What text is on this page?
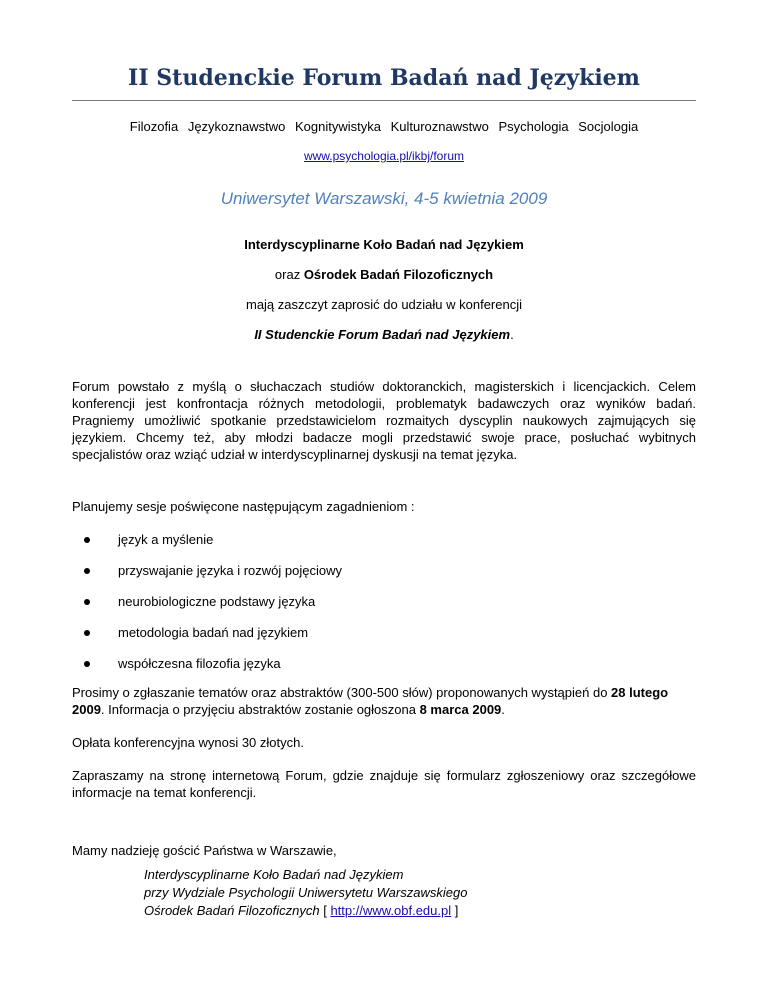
II Studenckie Forum Badań nad Językiem
Filozofia Językoznawstwo Kognitywistyka Kulturoznawstwo Psychologia Socjologia
www.psychologia.pl/ikbj/forum
Uniwersytet Warszawski, 4-5 kwietnia 2009
Interdyscyplinarne Koło Badań nad Językiem
oraz Ośrodek Badań Filozoficznych
mają zaszczyt zaprosić do udziału w konferencji
II Studenckie Forum Badań nad Językiem.
Forum powstało z myślą o słuchaczach studiów doktoranckich, magisterskich i licencjackich. Celem konferencji jest konfrontacja różnych metodologii, problematyk badawczych oraz wyników badań. Pragniemy umożliwić spotkanie przedstawicielom rozmaitych dyscyplin naukowych zajmujących się językiem. Chcemy też, aby młodzi badacze mogli przedstawić swoje prace, posłuchać wybitnych specjalistów oraz wziąć udział w interdyscyplinarnej dyskusji na temat języka.
Planujemy sesje poświęcone następującym zagadnieniom :
język a myślenie
przyswajanie języka i rozwój pojęciowy
neurobiologiczne podstawy języka
metodologia badań nad językiem
współczesna filozofia języka
Prosimy o zgłaszanie tematów oraz abstraktów (300-500 słów) proponowanych wystąpień do 28 lutego 2009. Informacja o przyjęciu abstraktów zostanie ogłoszona 8 marca 2009.
Opłata konferencyjna wynosi 30 złotych.
Zapraszamy na stronę internetową Forum, gdzie znajduje się formularz zgłoszeniowy oraz szczegółowe informacje na temat konferencji.
Mamy nadzieję gościć Państwa w Warszawie,
Interdyscyplinarne Koło Badań nad Językiem
przy Wydziale Psychologii Uniwersytetu Warszawskiego
Ośrodek Badań Filozoficznych [ http://www.obf.edu.pl ]
